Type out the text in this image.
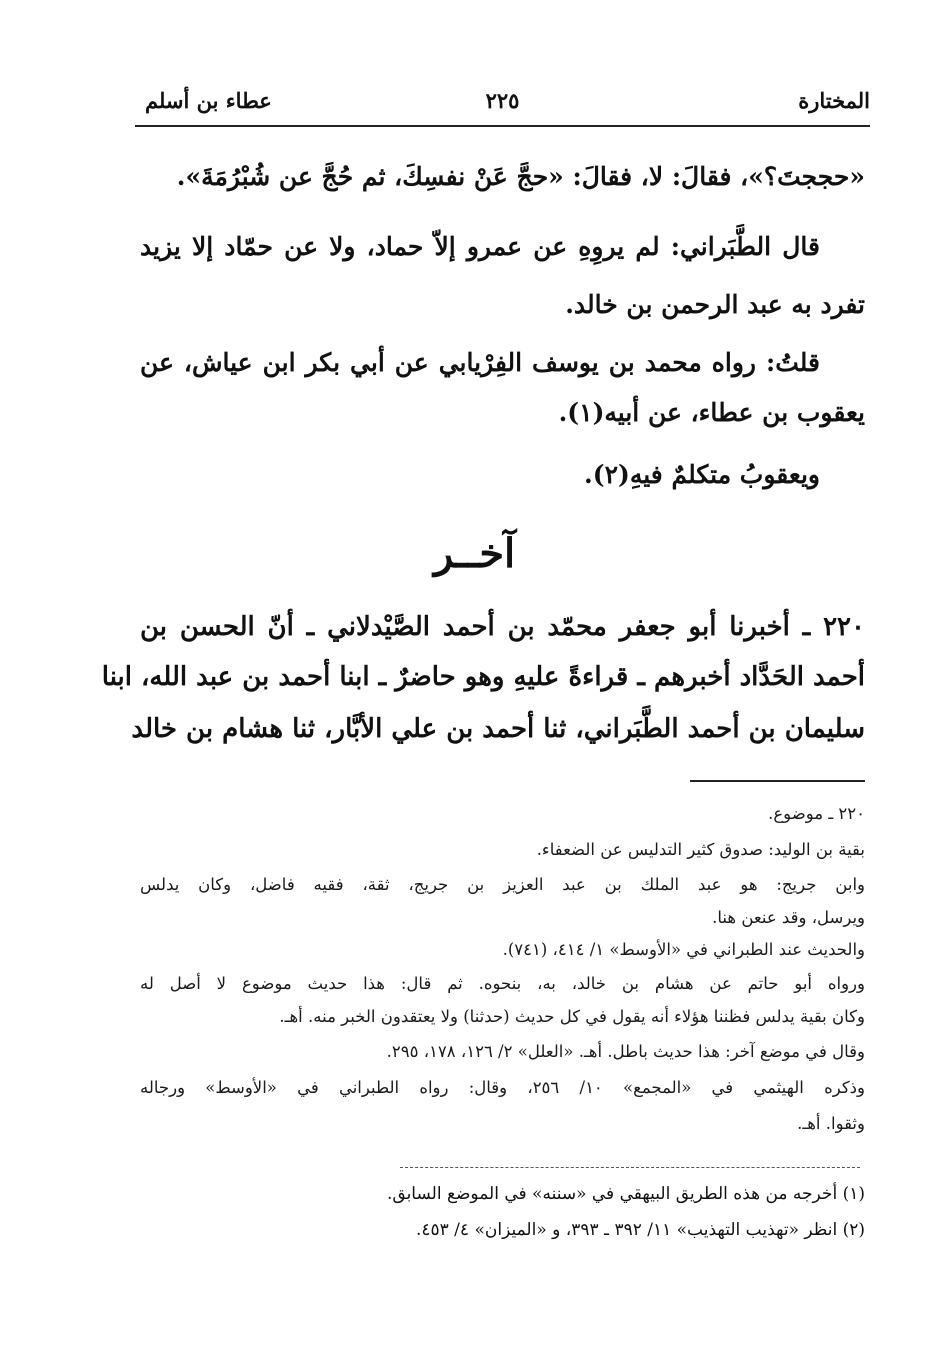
المختارة
٢٢٥
عطاء بن أسلم
«حججتَ؟»، فقالَ: لا، فقالَ: «حجَّ عَنْ نفسِكَ، ثم حُجَّ عن شُبْرُمَةَ».
قال الطَّبَراني: لم يروِهِ عن عمرو إلاّ حماد، ولا عن حمّاد إلا يزيد
تفرد به عبد الرحمن بن خالد.
قلتُ: رواه محمد بن يوسف الفِرْيابي عن أبي بكر ابن عياش، عن
يعقوب بن عطاء، عن أبيه(١).
ويعقوبُ متكلمٌ فيهِ(٢).
آخــر
٢٢٠ ـ أخبرنا أبو جعفر محمّد بن أحمد الصَّيْدلاني ـ أنّ الحسن بن
أحمد الحَدَّاد أخبرهم ـ قراءةً عليهِ وهو حاضرٌ ـ ابنا أحمد بن عبد الله، ابنا
سليمان بن أحمد الطَّبَراني، ثنا أحمد بن علي الأبَّار، ثنا هشام بن خالد
٢٢٠ ـ موضوع.
بقية بن الوليد: صدوق كثير التدليس عن الضعفاء.
وابن جريج: هو عبد الملك بن عبد العزيز بن جريج، ثقة، فقيه فاضل، وكان يدلس
ويرسل، وقد عنعن هنا.
والحديث عند الطبراني في «الأوسط» ١/ ٤١٤، (٧٤١).
ورواه أبو حاتم عن هشام بن خالد، به، بنحوه. ثم قال: هذا حديث موضوع لا أصل له
وكان بقية يدلس فظننا هؤلاء أنه يقول في كل حديث (حدثنا) ولا يعتقدون الخبر منه. أهـ.
وقال في موضع آخر: هذا حديث باطل. أهـ. «العلل» ٢/ ١٢٦، ١٧٨، ٢٩٥.
وذكره الهيثمي في «المجمع» ١٠/ ٢٥٦، وقال: رواه الطبراني في «الأوسط» ورجاله
وثقوا. أهـ.
(١) أخرجه من هذه الطريق البيهقي في «سننه» في الموضع السابق.
(٢) انظر «تهذيب التهذيب» ١١/ ٣٩٢ ـ ٣٩٣، و «الميزان» ٤/ ٤٥٣.
